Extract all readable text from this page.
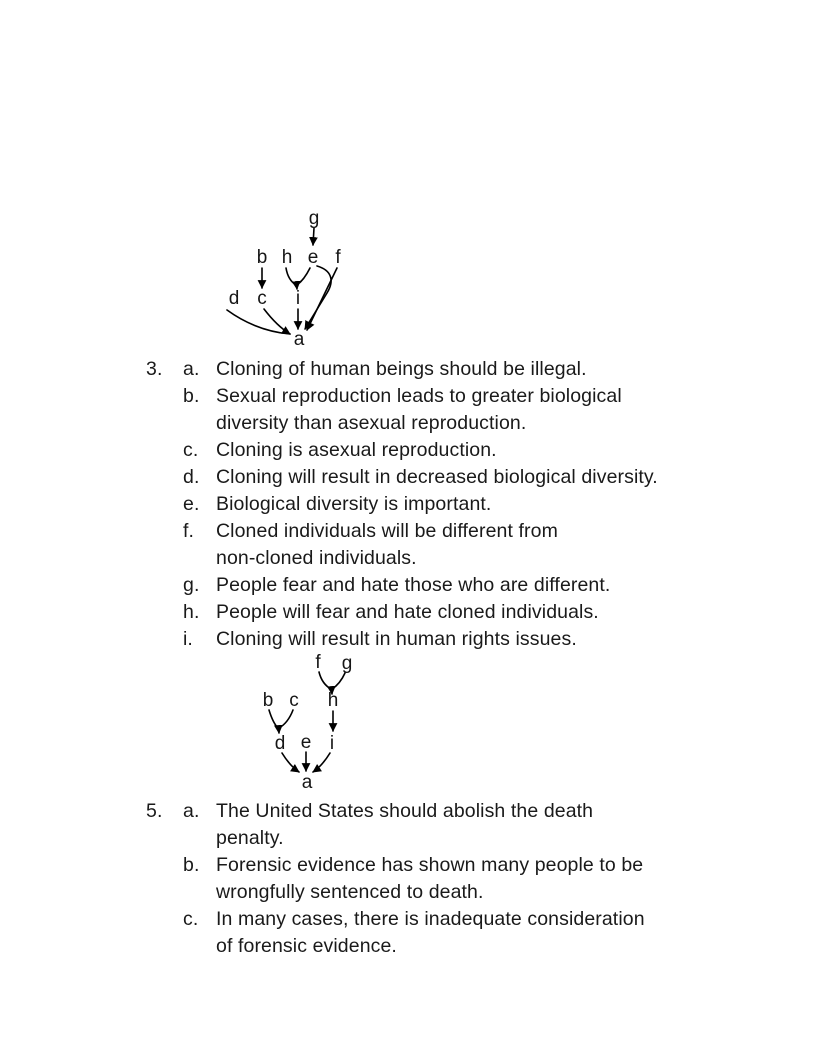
g
b h e f
d c i
a
3.	a. Cloning of human beings should be illegal.
b. Sexual reproduction leads to greater biological
diversity than asexual reproduction.
c. Cloning is asexual reproduction.
d. Cloning will result in decreased biological diversity.
e. Biological diversity is important.
f.	Cloned individuals will be different from
non-cloned individuals.
g. People fear and hate those who are different.
h. People will fear and hate cloned individuals.
i.	Cloning will result in human rights issues.
f g
b c h
d e i
a
5.	a. The United States should abolish the death
penalty.
b. Forensic evidence has shown many people to be
wrongfully sentenced to death.
c. In many cases, there is inadequate consideration
of forensic evidence.
